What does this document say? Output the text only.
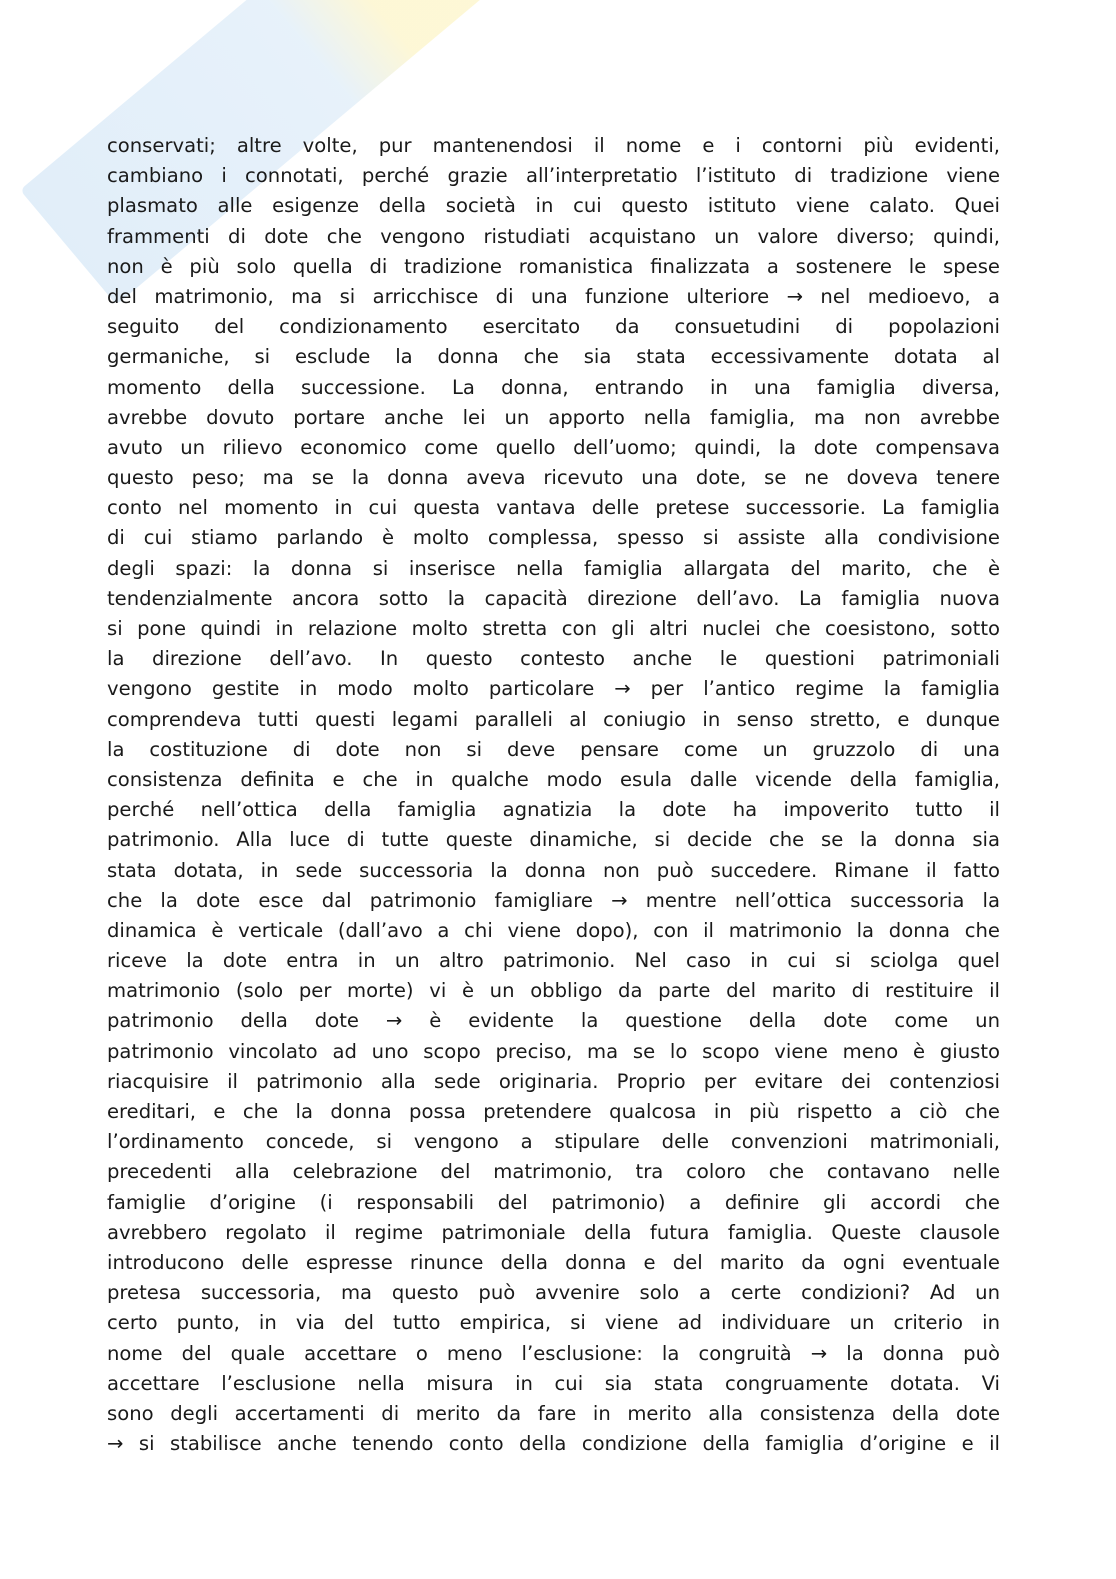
conservati; altre volte, pur mantenendosi il nome e i contorni più evidenti,
cambiano i connotati, perché grazie all’interpretatio l’istituto di tradizione viene
plasmato alle esigenze della società in cui questo istituto viene calato. Quei
frammenti di dote che vengono ristudiati acquistano un valore diverso; quindi,
non è più solo quella di tradizione romanistica finalizzata a sostenere le spese
del matrimonio, ma si arricchisce di una funzione ulteriore → nel medioevo, a
seguito del condizionamento esercitato da consuetudini di popolazioni
germaniche, si esclude la donna che sia stata eccessivamente dotata al
momento della successione. La donna, entrando in una famiglia diversa,
avrebbe dovuto portare anche lei un apporto nella famiglia, ma non avrebbe
avuto un rilievo economico come quello dell’uomo; quindi, la dote compensava
questo peso; ma se la donna aveva ricevuto una dote, se ne doveva tenere
conto nel momento in cui questa vantava delle pretese successorie. La famiglia
di cui stiamo parlando è molto complessa, spesso si assiste alla condivisione
degli spazi: la donna si inserisce nella famiglia allargata del marito, che è
tendenzialmente ancora sotto la capacità direzione dell’avo. La famiglia nuova
si pone quindi in relazione molto stretta con gli altri nuclei che coesistono, sotto
la direzione dell’avo. In questo contesto anche le questioni patrimoniali
vengono gestite in modo molto particolare → per l’antico regime la famiglia
comprendeva tutti questi legami paralleli al coniugio in senso stretto, e dunque
la costituzione di dote non si deve pensare come un gruzzolo di una
consistenza definita e che in qualche modo esula dalle vicende della famiglia,
perché nell’ottica della famiglia agnatizia la dote ha impoverito tutto il
patrimonio. Alla luce di tutte queste dinamiche, si decide che se la donna sia
stata dotata, in sede successoria la donna non può succedere. Rimane il fatto
che la dote esce dal patrimonio famigliare → mentre nell’ottica successoria la
dinamica è verticale (dall’avo a chi viene dopo), con il matrimonio la donna che
riceve la dote entra in un altro patrimonio. Nel caso in cui si sciolga quel
matrimonio (solo per morte) vi è un obbligo da parte del marito di restituire il
patrimonio della dote → è evidente la questione della dote come un
patrimonio vincolato ad uno scopo preciso, ma se lo scopo viene meno è giusto
riacquisire il patrimonio alla sede originaria. Proprio per evitare dei contenziosi
ereditari, e che la donna possa pretendere qualcosa in più rispetto a ciò che
l’ordinamento concede, si vengono a stipulare delle convenzioni matrimoniali,
precedenti alla celebrazione del matrimonio, tra coloro che contavano nelle
famiglie d’origine (i responsabili del patrimonio) a definire gli accordi che
avrebbero regolato il regime patrimoniale della futura famiglia. Queste clausole
introducono delle espresse rinunce della donna e del marito da ogni eventuale
pretesa successoria, ma questo può avvenire solo a certe condizioni? Ad un
certo punto, in via del tutto empirica, si viene ad individuare un criterio in
nome del quale accettare o meno l’esclusione: la congruità → la donna può
accettare l’esclusione nella misura in cui sia stata congruamente dotata. Vi
sono degli accertamenti di merito da fare in merito alla consistenza della dote
→ si stabilisce anche tenendo conto della condizione della famiglia d’origine e il
